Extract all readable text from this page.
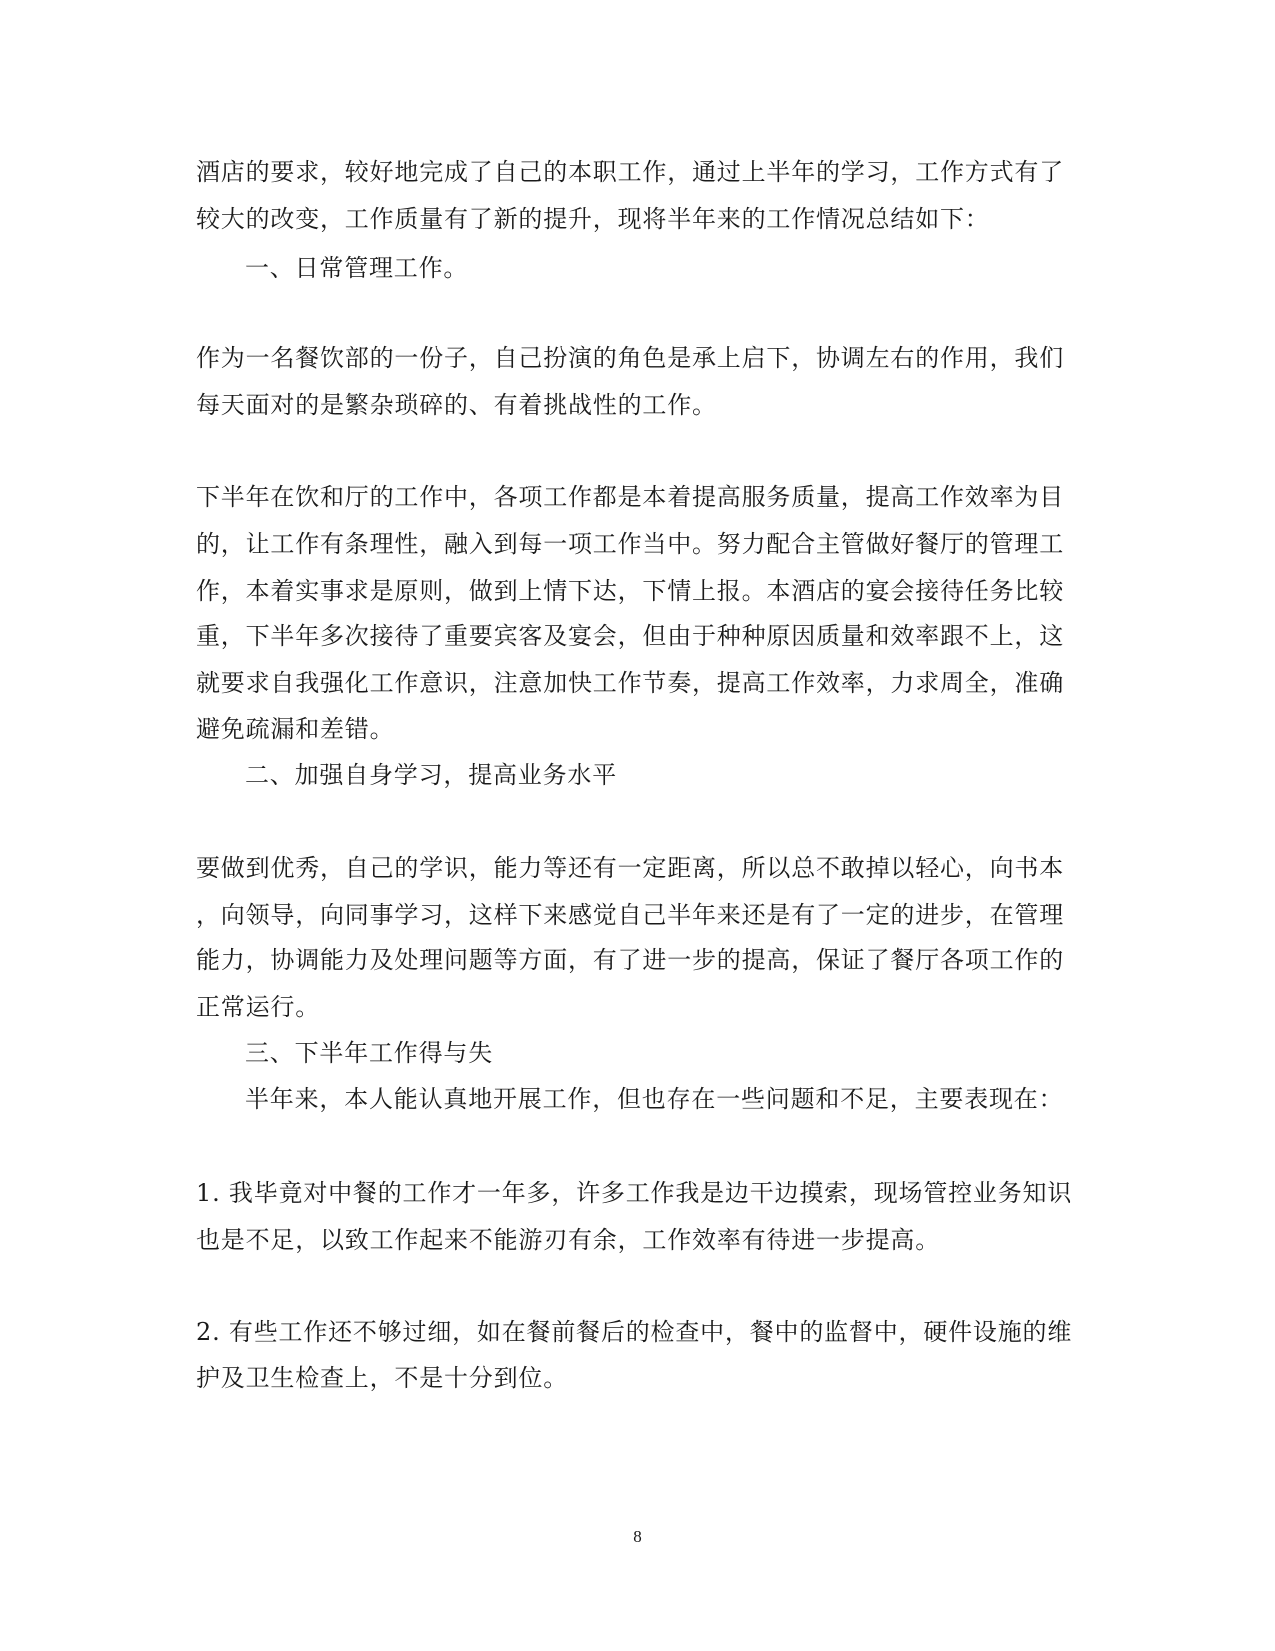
酒店的要求，较好地完成了自己的本职工作，通过上半年的学习，工作方式有了
较大的改变，工作质量有了新的提升，现将半年来的工作情况总结如下：
一、日常管理工作。
作为一名餐饮部的一份子，自己扮演的角色是承上启下，协调左右的作用，我们
每天面对的是繁杂琐碎的、有着挑战性的工作。
下半年在饮和厅的工作中，各项工作都是本着提高服务质量，提高工作效率为目
的，让工作有条理性，融入到每一项工作当中。努力配合主管做好餐厅的管理工
作，本着实事求是原则，做到上情下达，下情上报。本酒店的宴会接待任务比较
重，下半年多次接待了重要宾客及宴会，但由于种种原因质量和效率跟不上，这
就要求自我强化工作意识，注意加快工作节奏，提高工作效率，力求周全，准确
避免疏漏和差错。
二、加强自身学习，提高业务水平
要做到优秀，自己的学识，能力等还有一定距离，所以总不敢掉以轻心，向书本
，向领导，向同事学习，这样下来感觉自己半年来还是有了一定的进步，在管理
能力，协调能力及处理问题等方面，有了进一步的提高，保证了餐厅各项工作的
正常运行。
三、下半年工作得与失
半年来，本人能认真地开展工作，但也存在一些问题和不足，主要表现在：
1. 我毕竟对中餐的工作才一年多，许多工作我是边干边摸索，现场管控业务知识
也是不足，以致工作起来不能游刃有余，工作效率有待进一步提高。
2. 有些工作还不够过细，如在餐前餐后的检查中，餐中的监督中，硬件设施的维
护及卫生检查上，不是十分到位。
8
